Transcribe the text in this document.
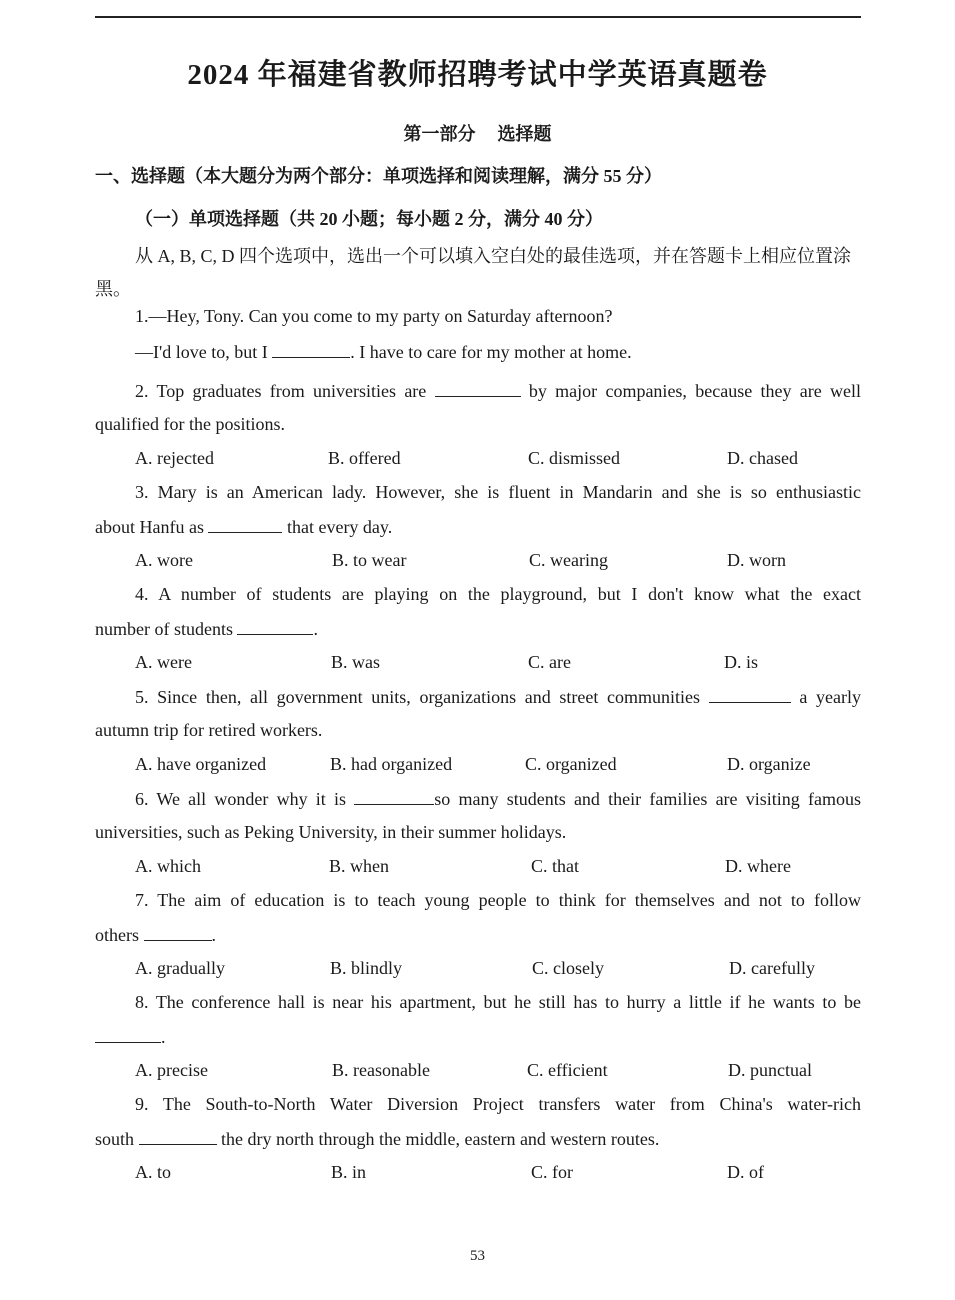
2024 年福建省教师招聘考试中学英语真题卷
第一部分 选择题
一、选择题（本大题分为两个部分：单项选择和阅读理解，满分 55 分）
（一）单项选择题（共 20 小题；每小题 2 分，满分 40 分）
从 A, B, C, D 四个选项中，选出一个可以填入空白处的最佳选项，并在答题卡上相应位置涂黑。
1.—Hey, Tony. Can you come to my party on Saturday afternoon?
—I'd love to, but I	. I have to care for my mother at home.
2. Top graduates from universities are	by major companies, because they are well
qualified for the positions.
A. rejected	B. offered	C. dismissed	D. chased
3. Mary is an American lady. However, she is fluent in Mandarin and she is so enthusiastic
about Hanfu as	that every day.
A. wore	B. to wear	C. wearing	D. worn
4. A number of students are playing on the playground, but I don't know what the exact
number of students	.
A. were	B. was	C. are	D. is
5. Since then, all government units, organizations and street communities	a yearly
autumn trip for retired workers.
A. have organized	B. had organized	C. organized	D. organize
6. We all wonder why it is	so many students and their families are visiting famous
universities, such as Peking University, in their summer holidays.
A. which	B. when	C. that	D. where
7. The aim of education is to teach young people to think for themselves and not to follow
others	.
A. gradually	B. blindly	C. closely	D. carefully
8. The conference hall is near his apartment, but he still has to hurry a little if he wants to be
.
A. precise	B. reasonable	C. efficient	D. punctual
9. The South-to-North Water Diversion Project transfers water from China's water-rich
south	the dry north through the middle, eastern and western routes.
A. to	B. in	C. for	D. of
53
